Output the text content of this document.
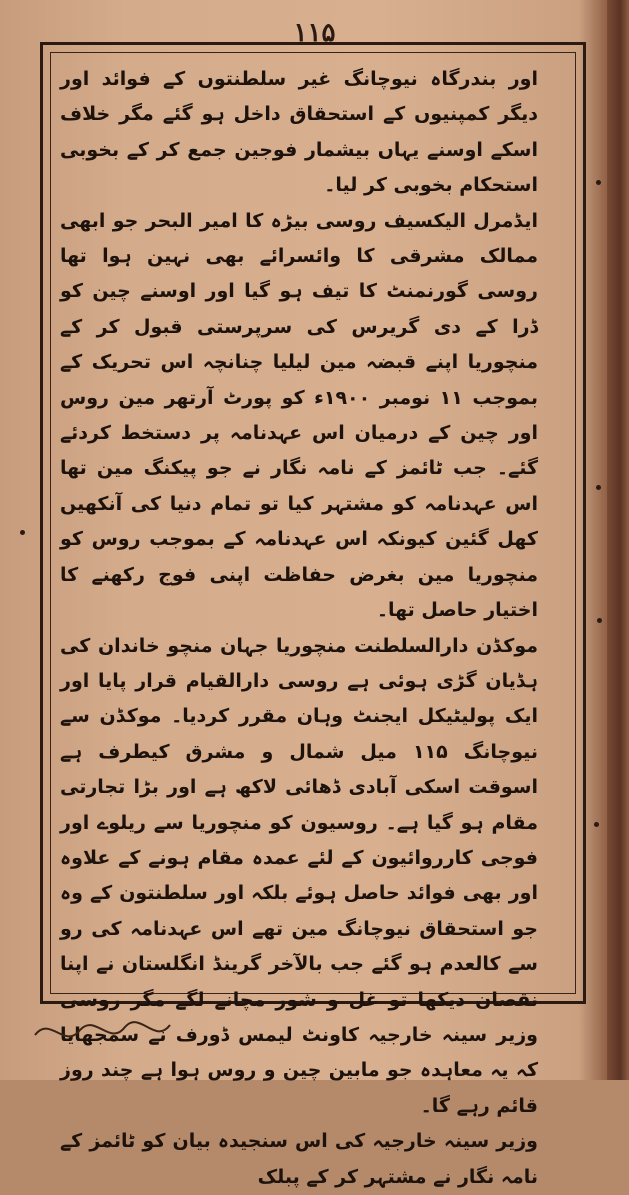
۱۱۵

اور بندرگاہ نیوچانگ غیر سلطنتوں کے فوائد اور دیگر کمپنیوں کے استحقاق داخل ہو گئے مگر خلاف اسکے اوسنے یہاں بیشمار فوجین جمع کر کے بخوبی استحکام بخوبی کر لیا۔

ایڈمرل الیکسیف روسی بیڑہ کا امیر البحر جو ابھی ممالک مشرقی کا وائسرائے بھی نہین ہوا تھا روسی گورنمنٹ کا تیف ہو گیا اور اوسنے چین کو ڈرا کے دی گریرس کی سرپرستی قبول کر کے منچوریا اپنے قبضہ مین لیلیا چنانچہ اس تحریک کے بموجب ۱۱ نومبر ۱۹۰۰ء کو پورٹ آرتھر مین روس اور چین کے درمیان اس عہدنامہ پر دستخط کردئے گئے۔ جب ٹائمز کے نامہ نگار نے جو پیکنگ مین تھا اس عہدنامہ کو مشتہر کیا تو تمام دنیا کی آنکھیں کھل گئین کیونکہ اس عہدنامہ کے بموجب روس کو منچوریا مین بغرض حفاظت اپنی فوج رکھنے کا اختیار حاصل تھا۔

موکڈن دارالسلطنت منچوریا جہان منچو خاندان کی ہڈیان گڑی ہوئی ہے روسی دارالقیام قرار پایا اور ایک پولیٹیکل ایجنٹ وہان مقرر کردیا۔ موکڈن سے نیوچانگ ۱۱۵ میل شمال و مشرق کیطرف ہے اسوقت اسکی آبادی ڈھائی لاکھ ہے اور بڑا تجارتی مقام ہو گیا ہے۔ روسیون کو منچوریا سے ریلوے اور فوجی کارروائیون کے لئے عمدہ مقام ہونے کے علاوہ اور بھی فوائد حاصل ہوئے بلکہ اور سلطنتون کے وہ جو استحقاق نیوچانگ مین تھے اس عہدنامہ کی رو سے کالعدم ہو گئے جب بالآخر گرینڈ انگلستان نے اپنا نقصان دیکھا تو غل و شور مچانے لگے مگر روسی وزیر سینہ خارجیہ کاونٹ لیمس ڈورف نے سمجھایا کہ یہ معاہدہ جو مابین چین و روس ہوا ہے چند روز قائم رہے گا۔

وزیر سینہ خارجیہ کی اس سنجیدہ بیان کو ٹائمز کے نامہ نگار نے مشتہر کر کے پبلک
